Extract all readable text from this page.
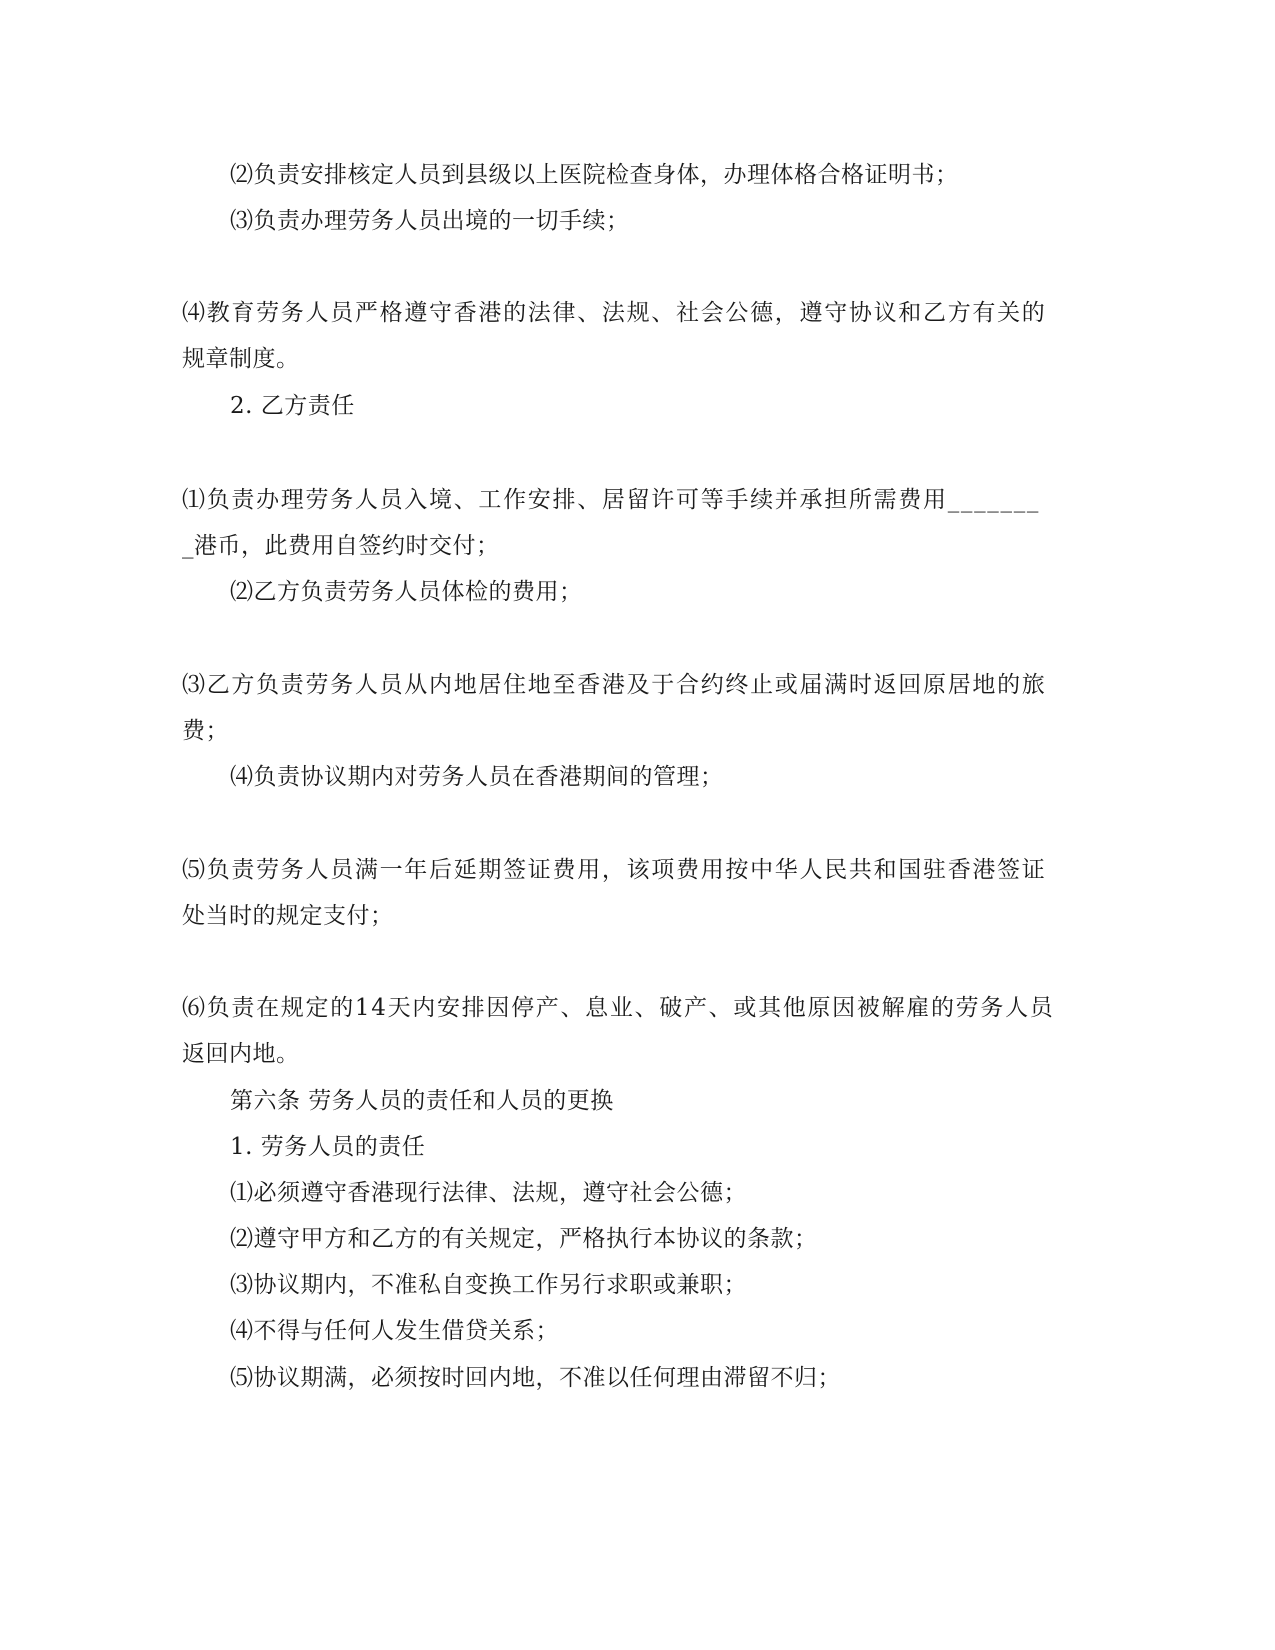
⑵负责安排核定人员到县级以上医院检查身体，办理体格合格证明书；
⑶负责办理劳务人员出境的一切手续；
⑷教育劳务人员严格遵守香港的法律、法规、社会公德，遵守协议和乙方有关的
规章制度。
2. 乙方责任
⑴负责办理劳务人员入境、工作安排、居留许可等手续并承担所需费用_______
_港币，此费用自签约时交付；
⑵乙方负责劳务人员体检的费用；
⑶乙方负责劳务人员从内地居住地至香港及于合约终止或届满时返回原居地的旅
费；
⑷负责协议期内对劳务人员在香港期间的管理；
⑸负责劳务人员满一年后延期签证费用，该项费用按中华人民共和国驻香港签证
处当时的规定支付；
⑹负责在规定的14天内安排因停产、息业、破产、或其他原因被解雇的劳务人员
返回内地。
第六条 劳务人员的责任和人员的更换
1. 劳务人员的责任
⑴必须遵守香港现行法律、法规，遵守社会公德；
⑵遵守甲方和乙方的有关规定，严格执行本协议的条款；
⑶协议期内，不准私自变换工作另行求职或兼职；
⑷不得与任何人发生借贷关系；
⑸协议期满，必须按时回内地，不准以任何理由滞留不归；
